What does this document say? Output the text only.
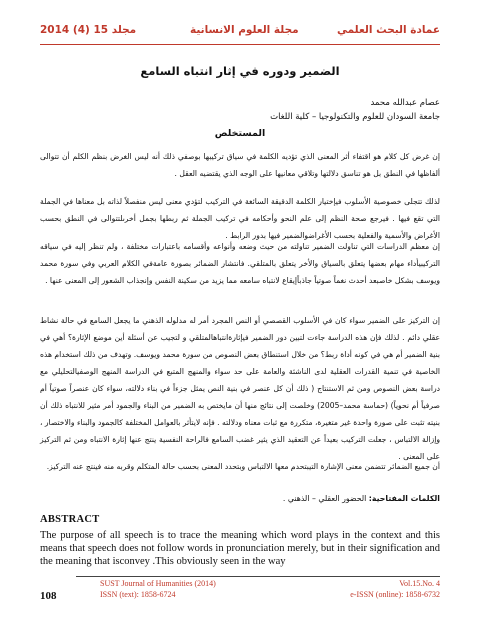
مجلد 15 (4) 2014	مجلة العلوم الانسانية	عمادة البحث العلمي
الضمير ودوره في إثار انتباه السامع
عصام عبدالله محمد
جامعة السودان للعلوم والتكنولوجيا – كلية اللغات
المستخلص
إن غرض كل كلام هو اقتفاء أثر المعنى الذي تؤديه الكلمة في سياق تركيبها بوصفي ذلك أنه ليس الغرض بنظم الكلم أن تتوالى ألفاظها في النطق بل هو تناسق دلالتها وتلاقي معانيها على الوجه الذي يقتضيه العقل .
لذلك تتجلى خصوصية الأسلوب فيإختيار الكلمة الدقيقة السائغة في التركيب لتؤدي معنى ليس منفصلاً لذاته بل معناها في الجملة التي تقع فيها . فيرجع صحة النظم إلى علم النحو وأحكامه في تركيب الجملة ثم ربطها بجمل أخرىلتتوالى في النطق بحسب الأغراض والأسمية والفعلية بحسب الأغراضوالضمير فيها بدور الرابط .
إن معظم الدراسات التي تناولت الضمير تناولته من حيث وضعه وأنواعه وأقسامه باعتبارات مختلفة ، ولم تنظر إليه في سياقه التركيبيأداء مهام بعضها يتعلق بالسياق والأخر يتعلق بالمتلقي. فانتشار الضمائر بصورة عامةفي الكلام العربي وفي سورة محمد ويوسف بشكل خاصبعد أحدث نغماً صوتياً جاذباًإيقاع لانتباه سامعه مما يزيد من سكينة النفس وإنجذاب الشعور إلى المعنى عنها .
إن التركيز على الضمير سواء كان في الأسلوب القصصي أو النص المجرد أمر له مدلوله الذهني ما يجعل السامع في حالة نشاط عقلي دائم . لذلك فإن هذه الدراسة جاءت لتبين دور الضمير فيإثارةانتباهالمتلقي و لتجيب عن أسئلة أين موضع الإثارة؟ أهي في بنية الضمير أم هي في كونه أداة ربط؟ من خلال استنطاق بعض النصوص من سورة محمد ويوسف. وتهدف من ذلك استخدام هذه الخاصية في تنمية القدرات العقلية لدى الناشئة والعامة على حد سواء والمنهج المتبع في الدراسة المنهج الوصفيالتحليلي مع دراسة بعض النصوص ومن ثم الاستنتاج ( ذلك أن كل عنصر في بنية النص يمثل جزءاً في بناء دلالته، سواء كان عنصراً صوتياً أم صرفياً أم نحوياً) (حماسة محمد–2005) وخلصت إلى نتائج منها أن مايختص به الضمير من البناء والجمود أمر مثير للانتباه ذلك أن بنيته تثبت على صورة واحدة غير متغيرة، متكررة مع ثبات معناه ودلالته . فإنه لايتأثر بالعوامل المختلفة كالجمود والبناء والاختصار ، وإزالة الالتباس ، جعلت التركيب بعيداً عن التعقيد الذي يثير غضب السامع فالراحة النفسية ينتج عنها إثارة الانتباه ومن ثم التركيز على المعنى .
أن جميع الضمائر تتضمن معنى الإشارة التيبتحدم معها الالتباس وبتحدد المعنى بحسب حالة المتكلم وقربه منه فينتج عنه التركيز.
الكلمات المفتاحية: الحضور العقلي – الذهني .
ABSTRACT
The purpose of all speech is to trace the meaning which word plays in the context and this means that speech does not follow words in pronunciation merely, but in their signification and the meaning that isconvey .This obviously seen in the way
108
SUST Journal of Humanities (2014)
ISSN (text): 1858-6724
Vol.15.No. 4
e-ISSN (online): 1858-6732
